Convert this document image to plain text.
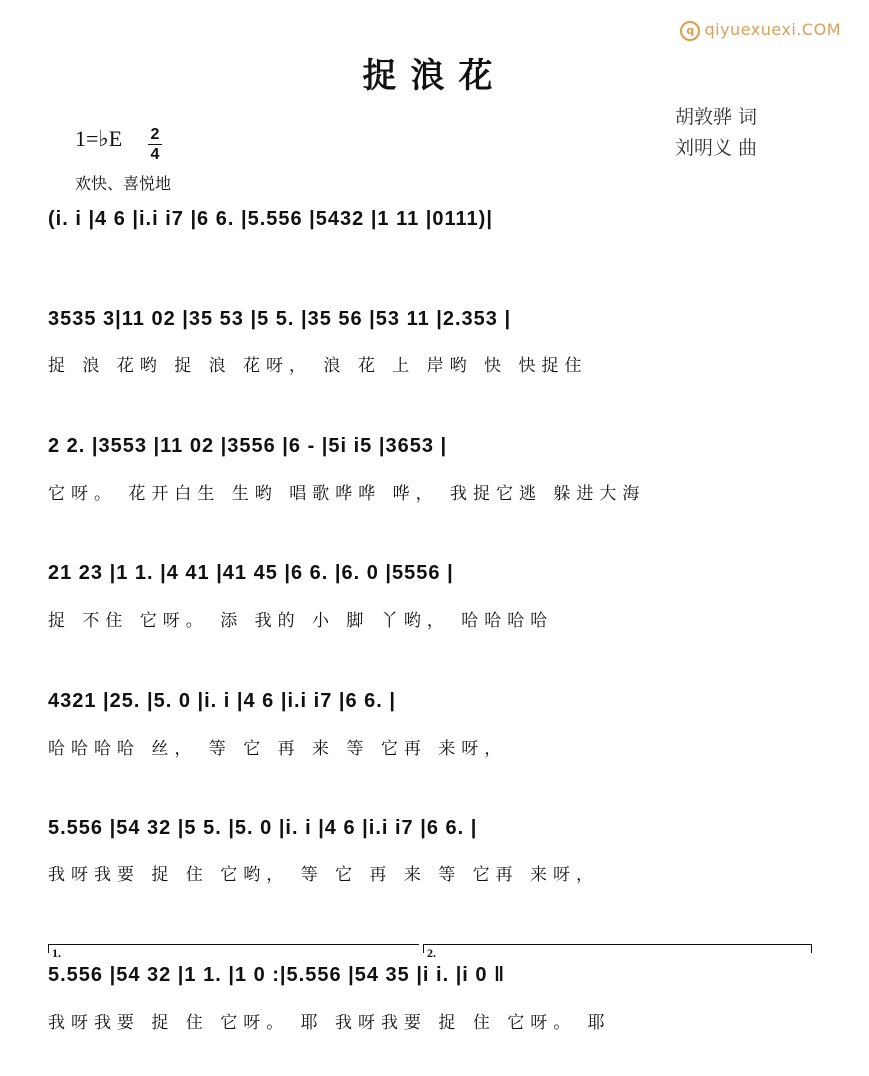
q qiyuexuexi.COM
捉浪花
胡敦骅 词
刘明义 曲
1=♭E 2
4
欢快、喜悦地
(i. i |4 6 |i.i i7 |6 6. |5.556 |5432 |1 11 |0111)|
3535 3|11 02 |35 53 |5 5. |35 56 |53 11 |2.353 |
捉 浪 花哟 捉 浪 花呀， 浪 花 上 岸哟 快 快捉住
2 2. |3553 |11 02 |3556 |6 - |5i i5 |3653 |
它呀。 花开白生 生哟 唱歌哗哗 哗， 我捉它逃 躲进大海
21 23 |1 1. |4 41 |41 45 |6 6. |6. 0 |5556 |
捉 不住 它呀。 添 我的 小 脚 丫哟， 哈哈哈哈
4321 |25. |5. 0 |i. i |4 6 |i.i i7 |6 6. |
哈哈哈哈 丝， 等 它 再 来 等 它再 来呀，
5.556 |54 32 |5 5. |5. 0 |i. i |4 6 |i.i i7 |6 6. |
我呀我要 捉 住 它哟， 等 它 再 来 等 它再 来呀，
1.	2.
5.556 |54 32 |1 1. |1 0 :|5.556 |54 35 |i i. |i 0 ‖
我呀我要 捉 住 它呀。 耶 我呀我要 捉 住 它呀。 耶
